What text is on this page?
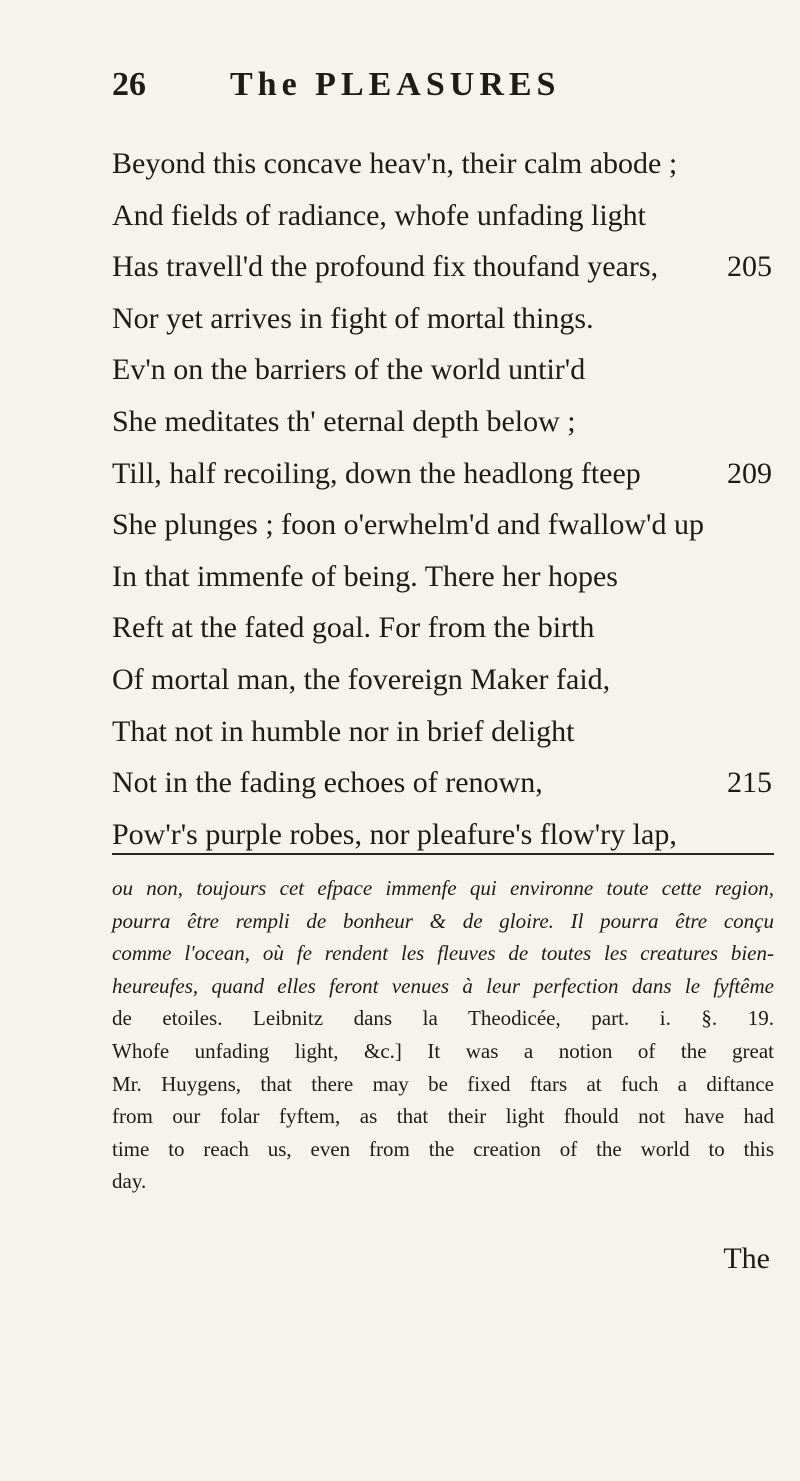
26 The PLEASURES
Beyond this concave heav'n, their calm abode ;
And fields of radiance, whofe unfading light
Has travell'd the profound fix thoufand years, 205
Nor yet arrives in fight of mortal things.
Ev'n on the barriers of the world untir'd
She meditates th' eternal depth below ;
Till, half recoiling, down the headlong fteep	209
She plunges ; foon o'erwhelm'd and fwallow'd up
In that immenfe of being. There her hopes
Reft at the fated goal. For from the birth
Of mortal man, the fovereign Maker faid,
That not in humble nor in brief delight
Not in the fading echoes of renown,	215
Pow'r's purple robes, nor pleafure's flow'ry lap,
ou non, toujours cet efpace immenfe qui environne toute cette region,
pourra être rempli de bonheur & de gloire. Il pourra être conçu
comme l'ocean, où fe rendent les fleuves de toutes les creatures bien-
heureufes, quand elles feront venues à leur perfection dans le fyftême
de etoiles. Leibnitz dans la Theodicée, part. i. §. 19.
Whofe unfading light, &c.] It was a notion of the great
Mr. Huygens, that there may be fixed ftars at fuch a diftance
from our folar fyftem, as that their light fhould not have had
time to reach us, even from the creation of the world to this
day.
The
